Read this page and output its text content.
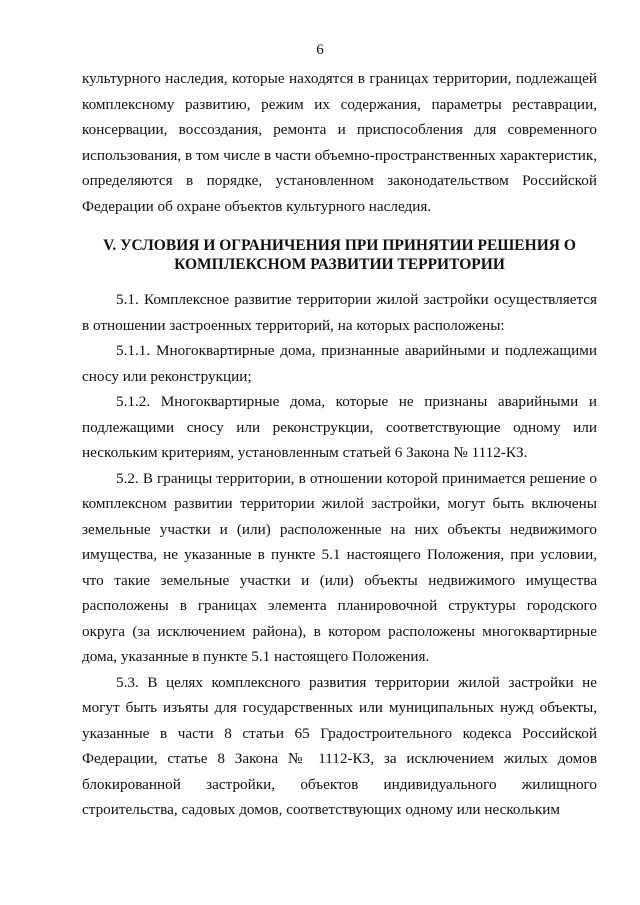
6

культурного наследия, которые находятся в границах территории, подлежащей комплексному развитию, режим их содержания, параметры реставрации, консервации, воссоздания, ремонта и приспособления для современного использования, в том числе в части объемно-пространственных характеристик, определяются в порядке, установленном законодательством Российской Федерации об охране объектов культурного наследия.

V. УСЛОВИЯ И ОГРАНИЧЕНИЯ ПРИ ПРИНЯТИИ РЕШЕНИЯ О
КОМПЛЕКСНОМ РАЗВИТИИ ТЕРРИТОРИИ

5.1. Комплексное развитие территории жилой застройки осуществляется в отношении застроенных территорий, на которых расположены:

5.1.1. Многоквартирные дома, признанные аварийными и подлежащими сносу или реконструкции;

5.1.2. Многоквартирные дома, которые не признаны аварийными и подлежащими сносу или реконструкции, соответствующие одному или нескольким критериям, установленным статьей 6 Закона № 1112-КЗ.

5.2. В границы территории, в отношении которой принимается решение о комплексном развитии территории жилой застройки, могут быть включены земельные участки и (или) расположенные на них объекты недвижимого имущества, не указанные в пункте 5.1 настоящего Положения, при условии, что такие земельные участки и (или) объекты недвижимого имущества расположены в границах элемента планировочной структуры городского округа (за исключением района), в котором расположены многоквартирные дома, указанные в пункте 5.1 настоящего Положения.

5.3. В целях комплексного развития территории жилой застройки не могут быть изъяты для государственных или муниципальных нужд объекты, указанные в части 8 статьи 65 Градостроительного кодекса Российской Федерации, статье 8 Закона № 1112-КЗ, за исключением жилых домов блокированной застройки, объектов индивидуального жилищного строительства, садовых домов, соответствующих одному или нескольким
